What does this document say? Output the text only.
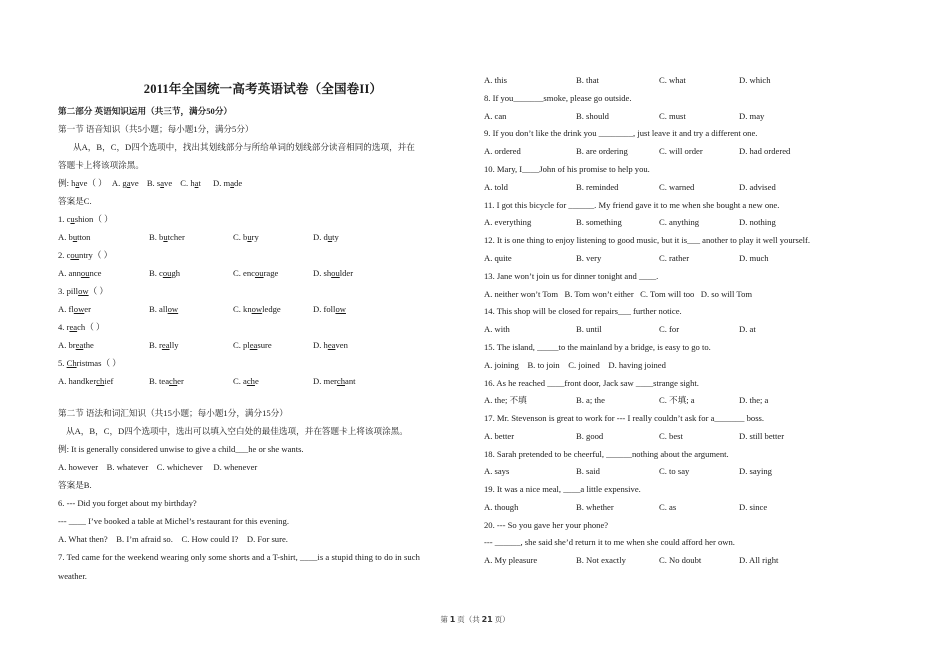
2011年全国统一高考英语试卷（全国卷II）
第二部分 英语知识运用（共三节，满分50分）
第一节 语音知识（共5小题；每小题1分，满分5分）
从A，B，C，D四个选项中，找出其划线部分与所给单词的划线部分读音相同的选项，并在
答题卡上将该项涂黑。
例: have（ ） A. gave B. save C. hat D. made
答案是C.
1. cushion（ ）
A. button	B. butcher	C. bury	D. duty
2. country（ ）
A. announce	B. cough	C. encourage	D. shoulder
3. pillow（ ）
A. flower	B. allow	C. knowledge	D. follow
4. reach（ ）
A. breathe	B. really	C. pleasure	D. heaven
5. Christmas（ ）
A. handkerchief	B. teacher	C. ache	D. merchant
第二节 语法和词汇知识（共15小题；每小题1分，满分15分）
从A，B，C，D四个选项中，选出可以填入空白处的最佳选项，并在答题卡上将该项涂黑。
例: It is generally considered unwise to give a child___he or she wants.
A. however    B. whatever    C. whichever     D. whenever
答案是B.
6. --- Did you forget about my birthday?
--- ____ I’ve booked a table at Michel’s restaurant for this evening.
A. What then?    B. I’m afraid so.    C. How could I?    D. For sure.
7. Ted came for the weekend wearing only some shorts and a T-shirt, ____is a stupid thing to do in such
weather.
A. this	B. that	C. what	D. which
8. If you_______smoke, please go outside.
A. can	B. should	C. must	D. may
9. If you don’t like the drink you ________, just leave it and try a different one.
A. ordered	B. are ordering	C. will order	D. had ordered
10. Mary, I____John of his promise to help you.
A. told	B. reminded	C. warned	D. advised
11. I got this bicycle for ______. My friend gave it to me when she bought a new one.
A. everything	B. something	C. anything	D. nothing
12. It is one thing to enjoy listening to good music, but it is___ another to play it well yourself.
A. quite	B. very	C. rather	D. much
13. Jane won’t join us for dinner tonight and ____.
A. neither won’t Tom   B. Tom won’t either   C. Tom will too   D. so will Tom
14. This shop will be closed for repairs___ further notice.
A. with	B. until	C. for	D. at
15. The island, _____to the mainland by a bridge, is easy to go to.
A. joining    B. to join    C. joined    D. having joined
16. As he reached ____front door, Jack saw ____strange sight.
A. the; 不填	B. a; the	C. 不填; a	D. the; a
17. Mr. Stevenson is great to work for --- I really couldn’t ask for a_______ boss.
A. better	B. good	C. best	D. still better
18. Sarah pretended to be cheerful, ______nothing about the argument.
A. says	B. said	C. to say	D. saying
19. It was a nice meal, ____a little expensive.
A. though	B. whether	C. as	D. since
20. --- So you gave her your phone?
--- ______, she said she’d return it to me when she could afford her own.
A. My pleasure	B. Not exactly	C. No doubt	D. All right
第 1 页（共 21 页）
